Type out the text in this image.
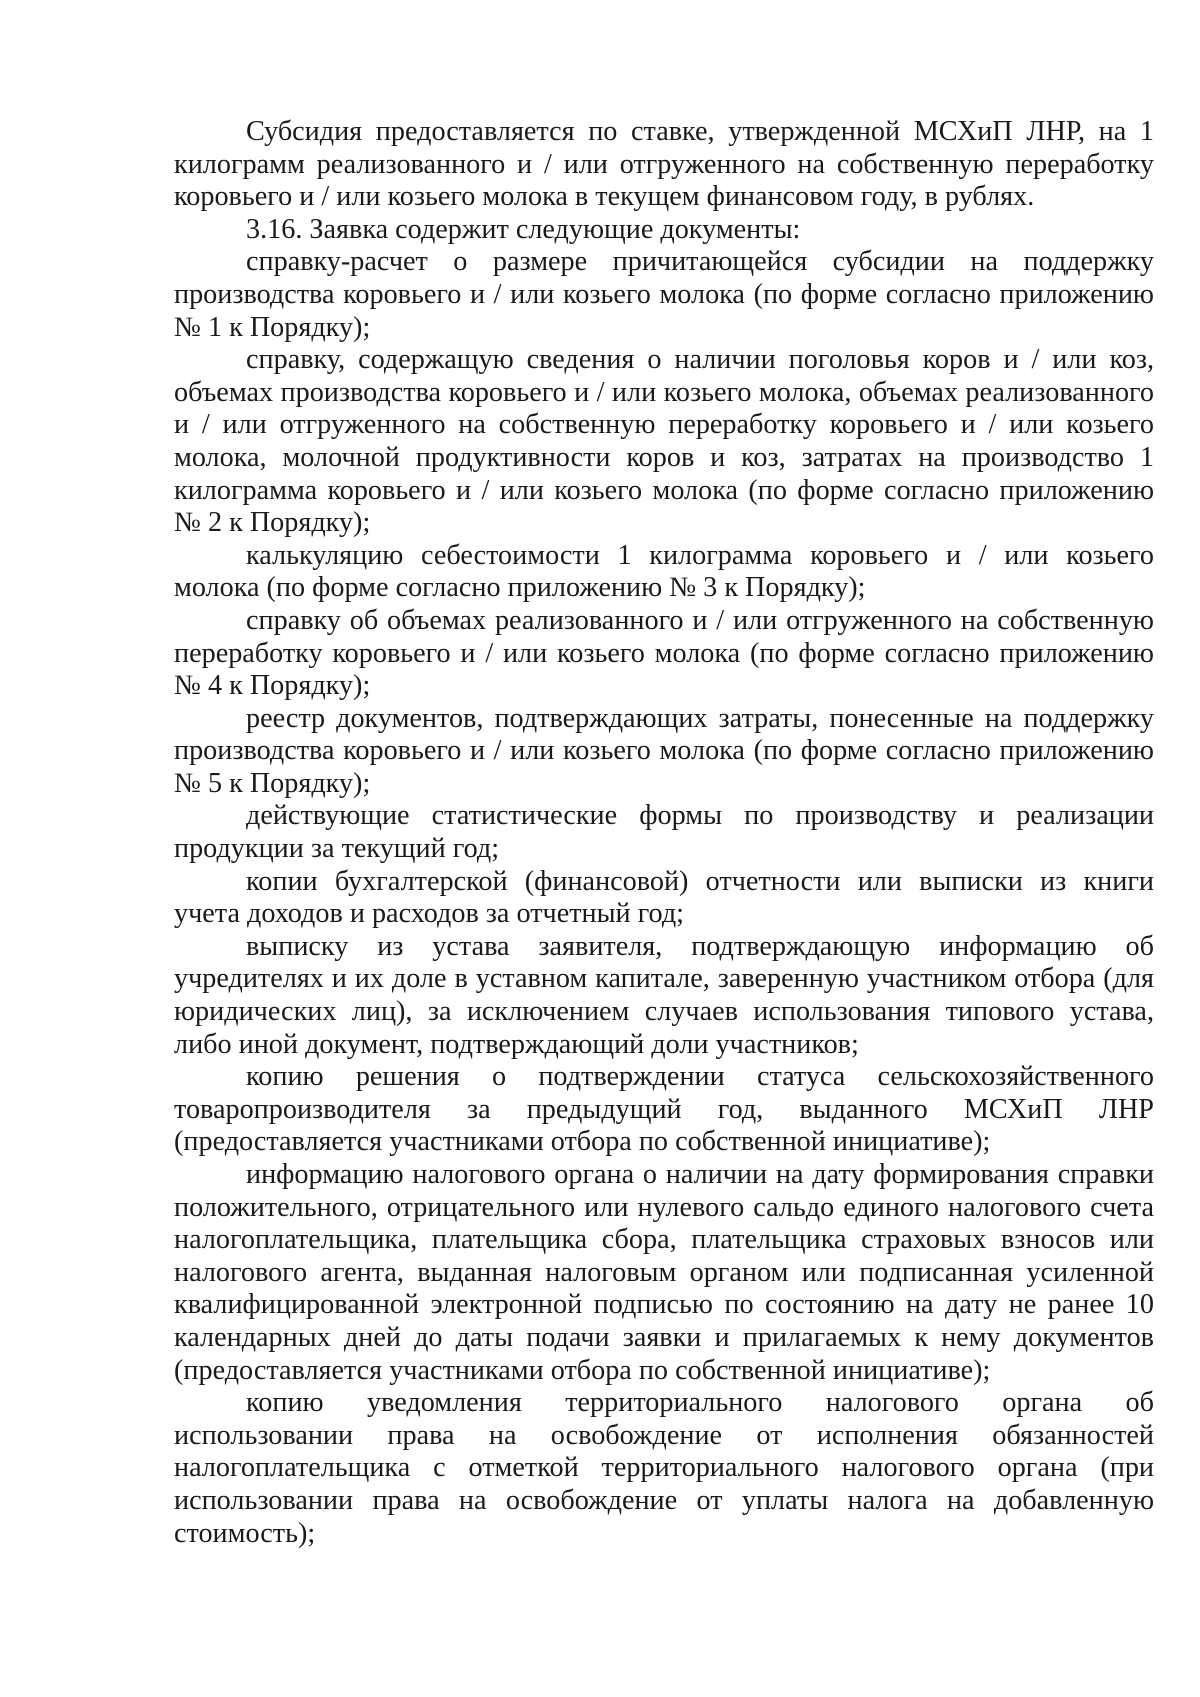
Субсидия предоставляется по ставке, утвержденной МСХиП ЛНР, на 1 килограмм реализованного и / или отгруженного на собственную переработку коровьего и / или козьего молока в текущем финансовом году, в рублях.

3.16. Заявка содержит следующие документы:

справку-расчет о размере причитающейся субсидии на поддержку производства коровьего и / или козьего молока (по форме согласно приложению № 1 к Порядку);

справку, содержащую сведения о наличии поголовья коров и / или коз, объемах производства коровьего и / или козьего молока, объемах реализованного и / или отгруженного на собственную переработку коровьего и / или козьего молока, молочной продуктивности коров и коз, затратах на производство 1 килограмма коровьего и / или козьего молока (по форме согласно приложению № 2 к Порядку);

калькуляцию себестоимости 1 килограмма коровьего и / или козьего молока (по форме согласно приложению № 3 к Порядку);

справку об объемах реализованного и / или отгруженного на собственную переработку коровьего и / или козьего молока (по форме согласно приложению № 4 к Порядку);

реестр документов, подтверждающих затраты, понесенные на поддержку производства коровьего и / или козьего молока (по форме согласно приложению № 5 к Порядку);

действующие статистические формы по производству и реализации продукции за текущий год;

копии бухгалтерской (финансовой) отчетности или выписки из книги учета доходов и расходов за отчетный год;

выписку из устава заявителя, подтверждающую информацию об учредителях и их доле в уставном капитале, заверенную участником отбора (для юридических лиц), за исключением случаев использования типового устава, либо иной документ, подтверждающий доли участников;

копию решения о подтверждении статуса сельскохозяйственного товаропроизводителя за предыдущий год, выданного МСХиП ЛНР (предоставляется участниками отбора по собственной инициативе);

информацию налогового органа о наличии на дату формирования справки положительного, отрицательного или нулевого сальдо единого налогового счета налогоплательщика, плательщика сбора, плательщика страховых взносов или налогового агента, выданная налоговым органом или подписанная усиленной квалифицированной электронной подписью по состоянию на дату не ранее 10 календарных дней до даты подачи заявки и прилагаемых к нему документов (предоставляется участниками отбора по собственной инициативе);

копию уведомления территориального налогового органа об использовании права на освобождение от исполнения обязанностей налогоплательщика с отметкой территориального налогового органа (при использовании права на освобождение от уплаты налога на добавленную стоимость);
